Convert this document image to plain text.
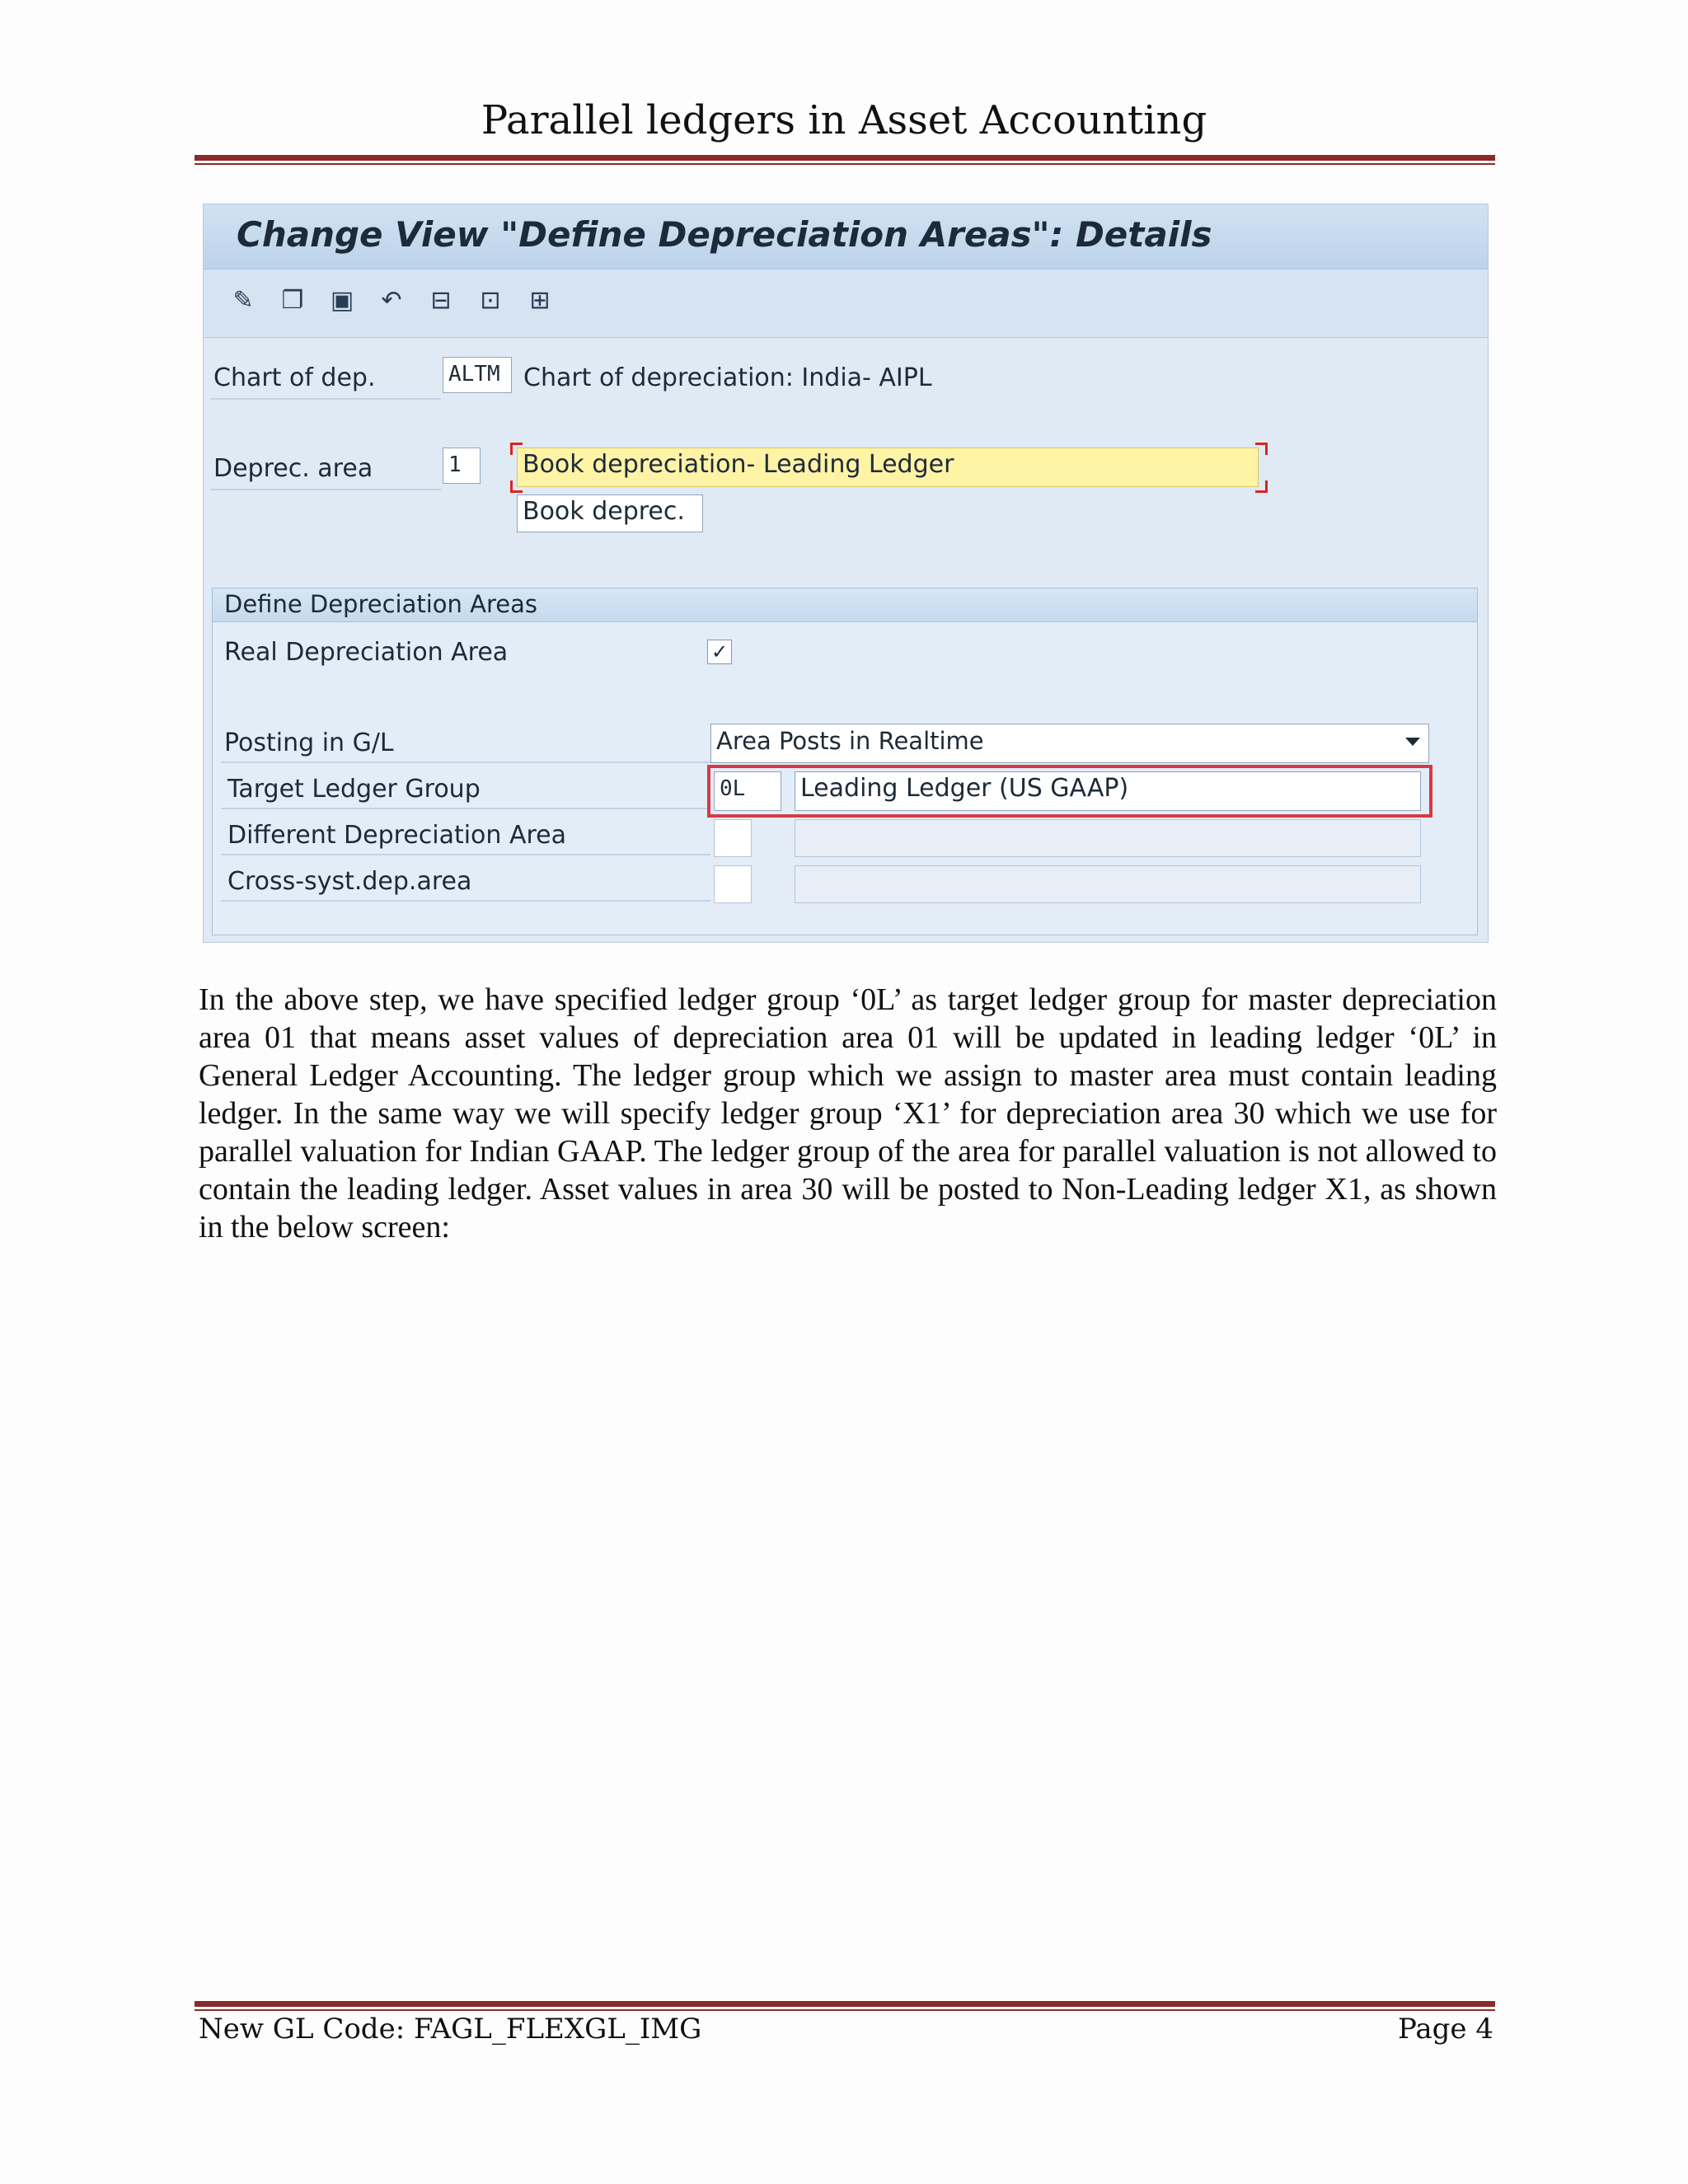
Parallel ledgers in Asset Accounting
Change View "Define Depreciation Areas": Details
✎ ❐ ▣ ↶ ⊟ ⊡ ⊞
Chart of dep.	ALTM Chart of depreciation: India- AIPL
Deprec. area	1	Book depreciation- Leading Ledger
Book deprec.
Define Depreciation Areas
Real Depreciation Area	✓
Posting in G/L	Area Posts in Realtime
Target Ledger Group	0L	Leading Ledger (US GAAP)
Different Depreciation Area
Cross-syst.dep.area
In the above step, we have specified ledger group ‘0L’ as target ledger group for master depreciation area 01 that means asset values of depreciation area 01 will be updated in leading ledger ‘0L’ in General Ledger Accounting. The ledger group which we assign to master area must contain leading ledger. In the same way we will specify ledger group ‘X1’ for depreciation area 30 which we use for parallel valuation for Indian GAAP. The ledger group of the area for parallel valuation is not allowed to contain the leading ledger. Asset values in area 30 will be posted to Non-Leading ledger X1, as shown in the below screen:
New GL Code: FAGL_FLEXGL_IMG	Page 4
